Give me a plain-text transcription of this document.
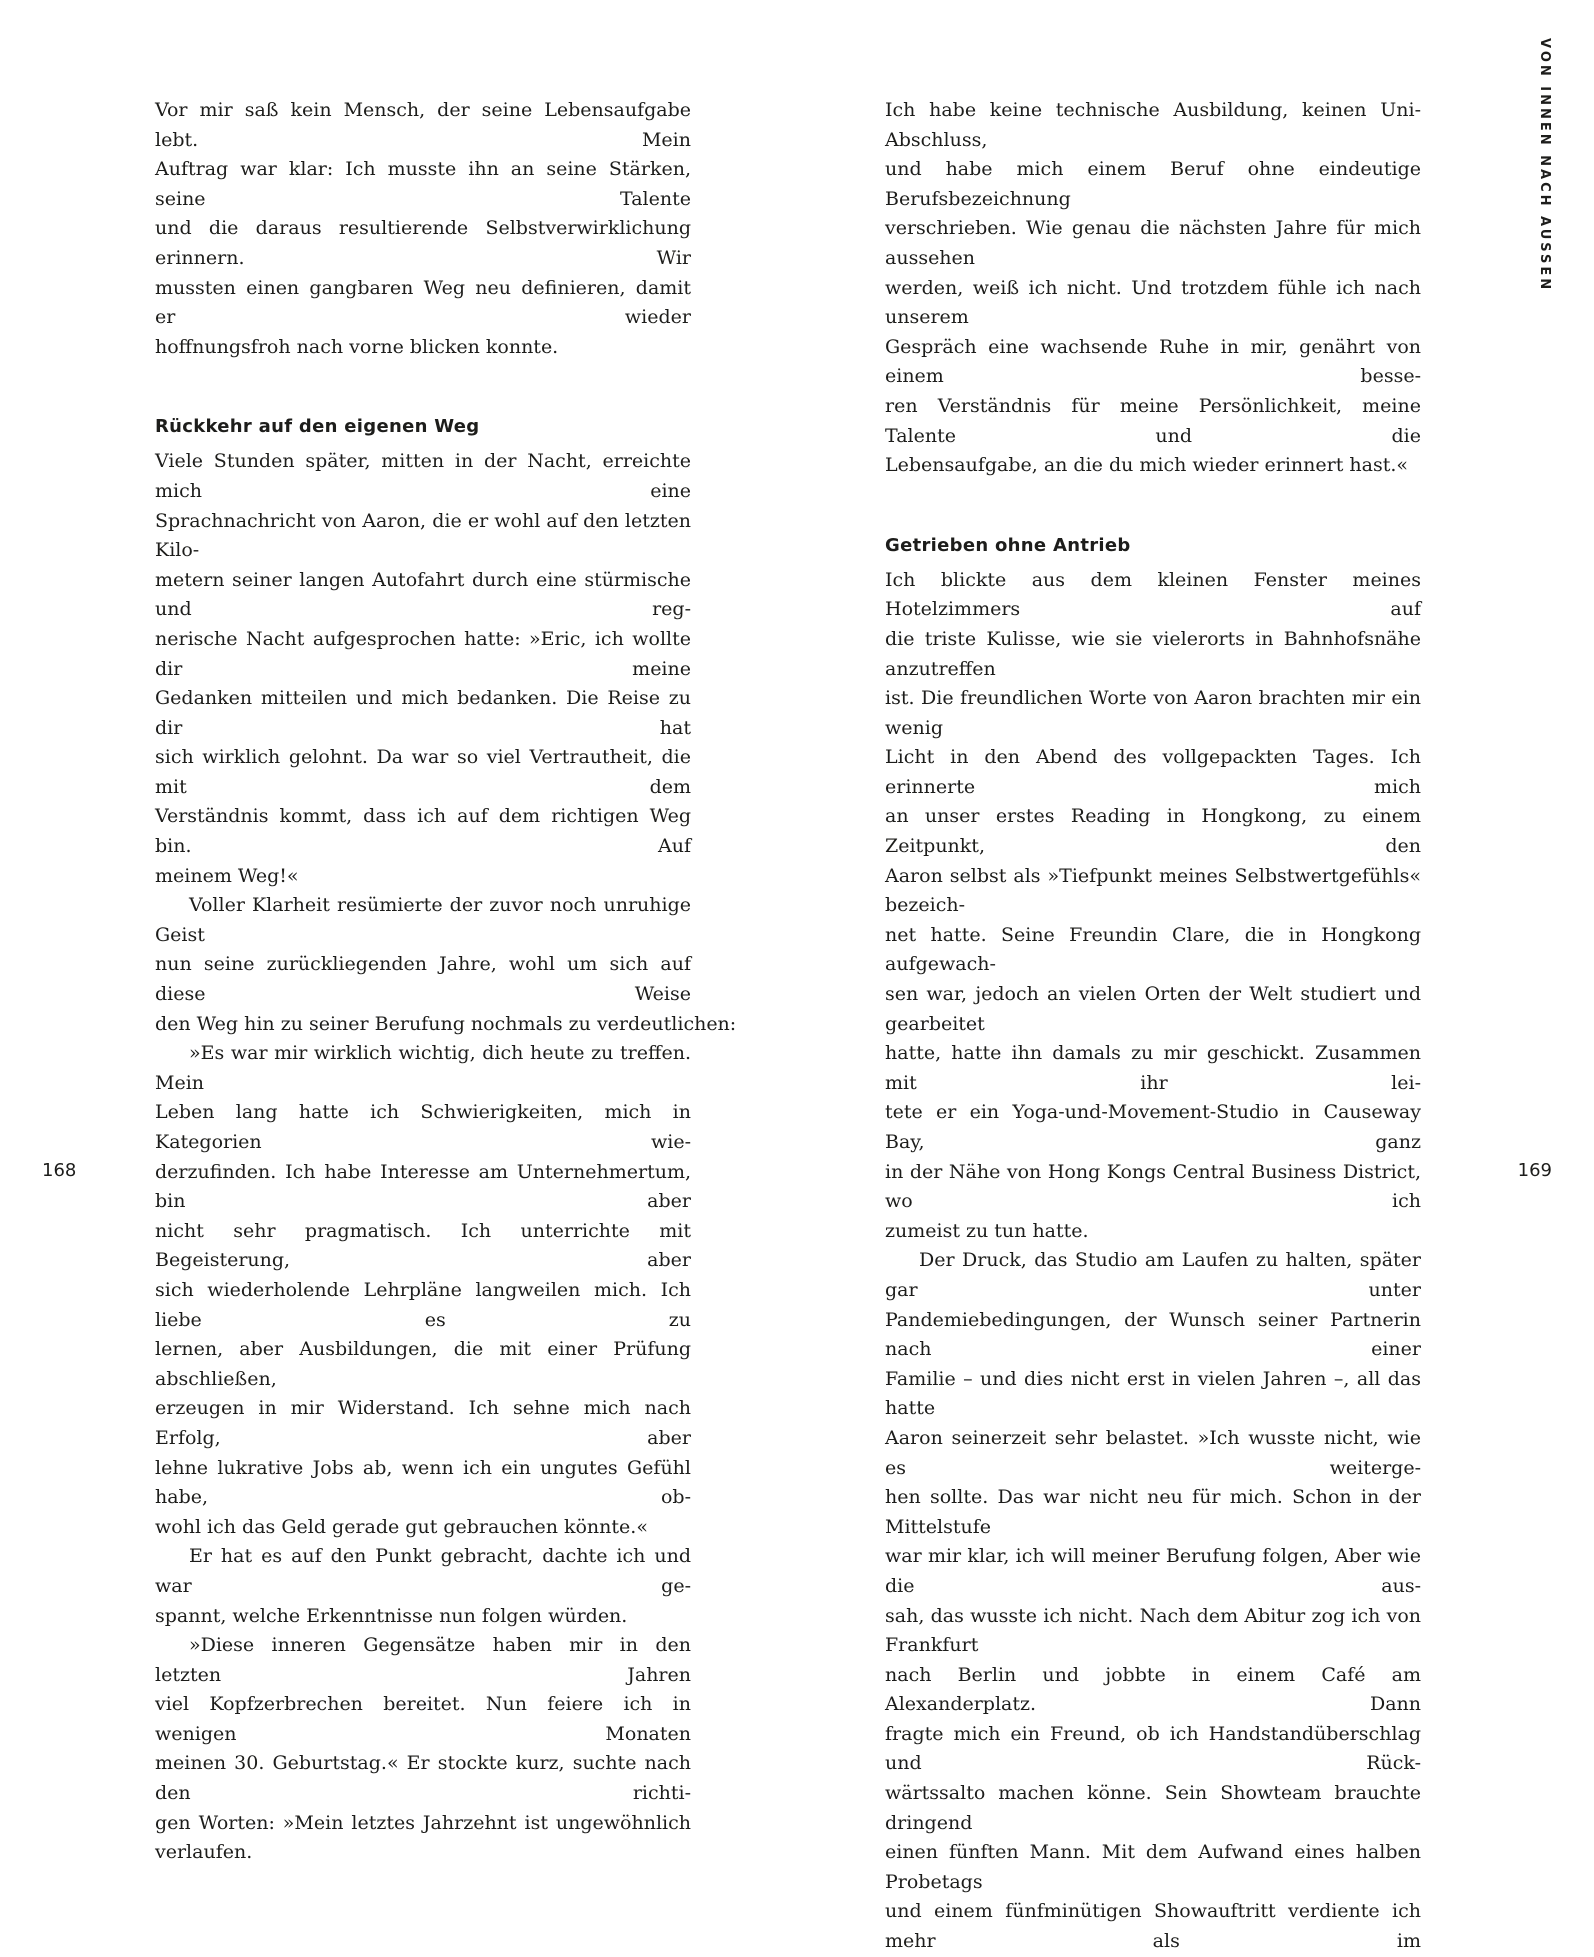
Vor mir saß kein Mensch, der seine Lebensaufgabe lebt. Mein
Auftrag war klar: Ich musste ihn an seine Stärken, seine Talente
und die daraus resultierende Selbstverwirklichung erinnern. Wir
mussten einen gangbaren Weg neu definieren, damit er wieder
hoffnungsfroh nach vorne blicken konnte.
Rückkehr auf den eigenen Weg
Viele Stunden später, mitten in der Nacht, erreichte mich eine
Sprachnachricht von Aaron, die er wohl auf den letzten Kilo-
metern seiner langen Autofahrt durch eine stürmische und reg-
nerische Nacht aufgesprochen hatte: »Eric, ich wollte dir meine
Gedanken mitteilen und mich bedanken. Die Reise zu dir hat
sich wirklich gelohnt. Da war so viel Vertrautheit, die mit dem
Verständnis kommt, dass ich auf dem richtigen Weg bin. Auf
meinem Weg!«
Voller Klarheit resümierte der zuvor noch unruhige Geist
nun seine zurückliegenden Jahre, wohl um sich auf diese Weise
den Weg hin zu seiner Berufung nochmals zu verdeutlichen:
»Es war mir wirklich wichtig, dich heute zu treffen. Mein
Leben lang hatte ich Schwierigkeiten, mich in Kategorien wie-
derzufinden. Ich habe Interesse am Unternehmertum, bin aber
nicht sehr pragmatisch. Ich unterrichte mit Begeisterung, aber
sich wiederholende Lehrpläne langweilen mich. Ich liebe es zu
lernen, aber Ausbildungen, die mit einer Prüfung abschließen,
erzeugen in mir Widerstand. Ich sehne mich nach Erfolg, aber
lehne lukrative Jobs ab, wenn ich ein ungutes Gefühl habe, ob-
wohl ich das Geld gerade gut gebrauchen könnte.«
Er hat es auf den Punkt gebracht, dachte ich und war ge-
spannt, welche Erkenntnisse nun folgen würden.
»Diese inneren Gegensätze haben mir in den letzten Jahren
viel Kopfzerbrechen bereitet. Nun feiere ich in wenigen Monaten
meinen 30. Geburtstag.« Er stockte kurz, suchte nach den richti-
gen Worten: »Mein letztes Jahrzehnt ist ungewöhnlich verlaufen.
168
Ich habe keine technische Ausbildung, keinen Uni-Abschluss,
und habe mich einem Beruf ohne eindeutige Berufsbezeichnung
verschrieben. Wie genau die nächsten Jahre für mich aussehen
werden, weiß ich nicht. Und trotzdem fühle ich nach unserem
Gespräch eine wachsende Ruhe in mir, genährt von einem besse-
ren Verständnis für meine Persönlichkeit, meine Talente und die
Lebensaufgabe, an die du mich wieder erinnert hast.«
Getrieben ohne Antrieb
Ich blickte aus dem kleinen Fenster meines Hotelzimmers auf
die triste Kulisse, wie sie vielerorts in Bahnhofsnähe anzutreffen
ist. Die freundlichen Worte von Aaron brachten mir ein wenig
Licht in den Abend des vollgepackten Tages. Ich erinnerte mich
an unser erstes Reading in Hongkong, zu einem Zeitpunkt, den
Aaron selbst als »Tiefpunkt meines Selbstwertgefühls« bezeich-
net hatte. Seine Freundin Clare, die in Hongkong aufgewach-
sen war, jedoch an vielen Orten der Welt studiert und gearbeitet
hatte, hatte ihn damals zu mir geschickt. Zusammen mit ihr lei-
tete er ein Yoga-und-Movement-Studio in Causeway Bay, ganz
in der Nähe von Hong Kongs Central Business District, wo ich
zumeist zu tun hatte.
Der Druck, das Studio am Laufen zu halten, später gar unter
Pandemiebedingungen, der Wunsch seiner Partnerin nach einer
Familie – und dies nicht erst in vielen Jahren –, all das hatte
Aaron seinerzeit sehr belastet. »Ich wusste nicht, wie es weiterge-
hen sollte. Das war nicht neu für mich. Schon in der Mittelstufe
war mir klar, ich will meiner Berufung folgen, Aber wie die aus-
sah, das wusste ich nicht. Nach dem Abitur zog ich von Frankfurt
nach Berlin und jobbte in einem Café am Alexanderplatz. Dann
fragte mich ein Freund, ob ich Handstandüberschlag und Rück-
wärtssalto machen könne. Sein Showteam brauchte dringend
einen fünften Mann. Mit dem Aufwand eines halben Probetags
und einem fünfminütigen Showauftritt verdiente ich mehr als im
VON INNEN NACH AUSSEN
169
